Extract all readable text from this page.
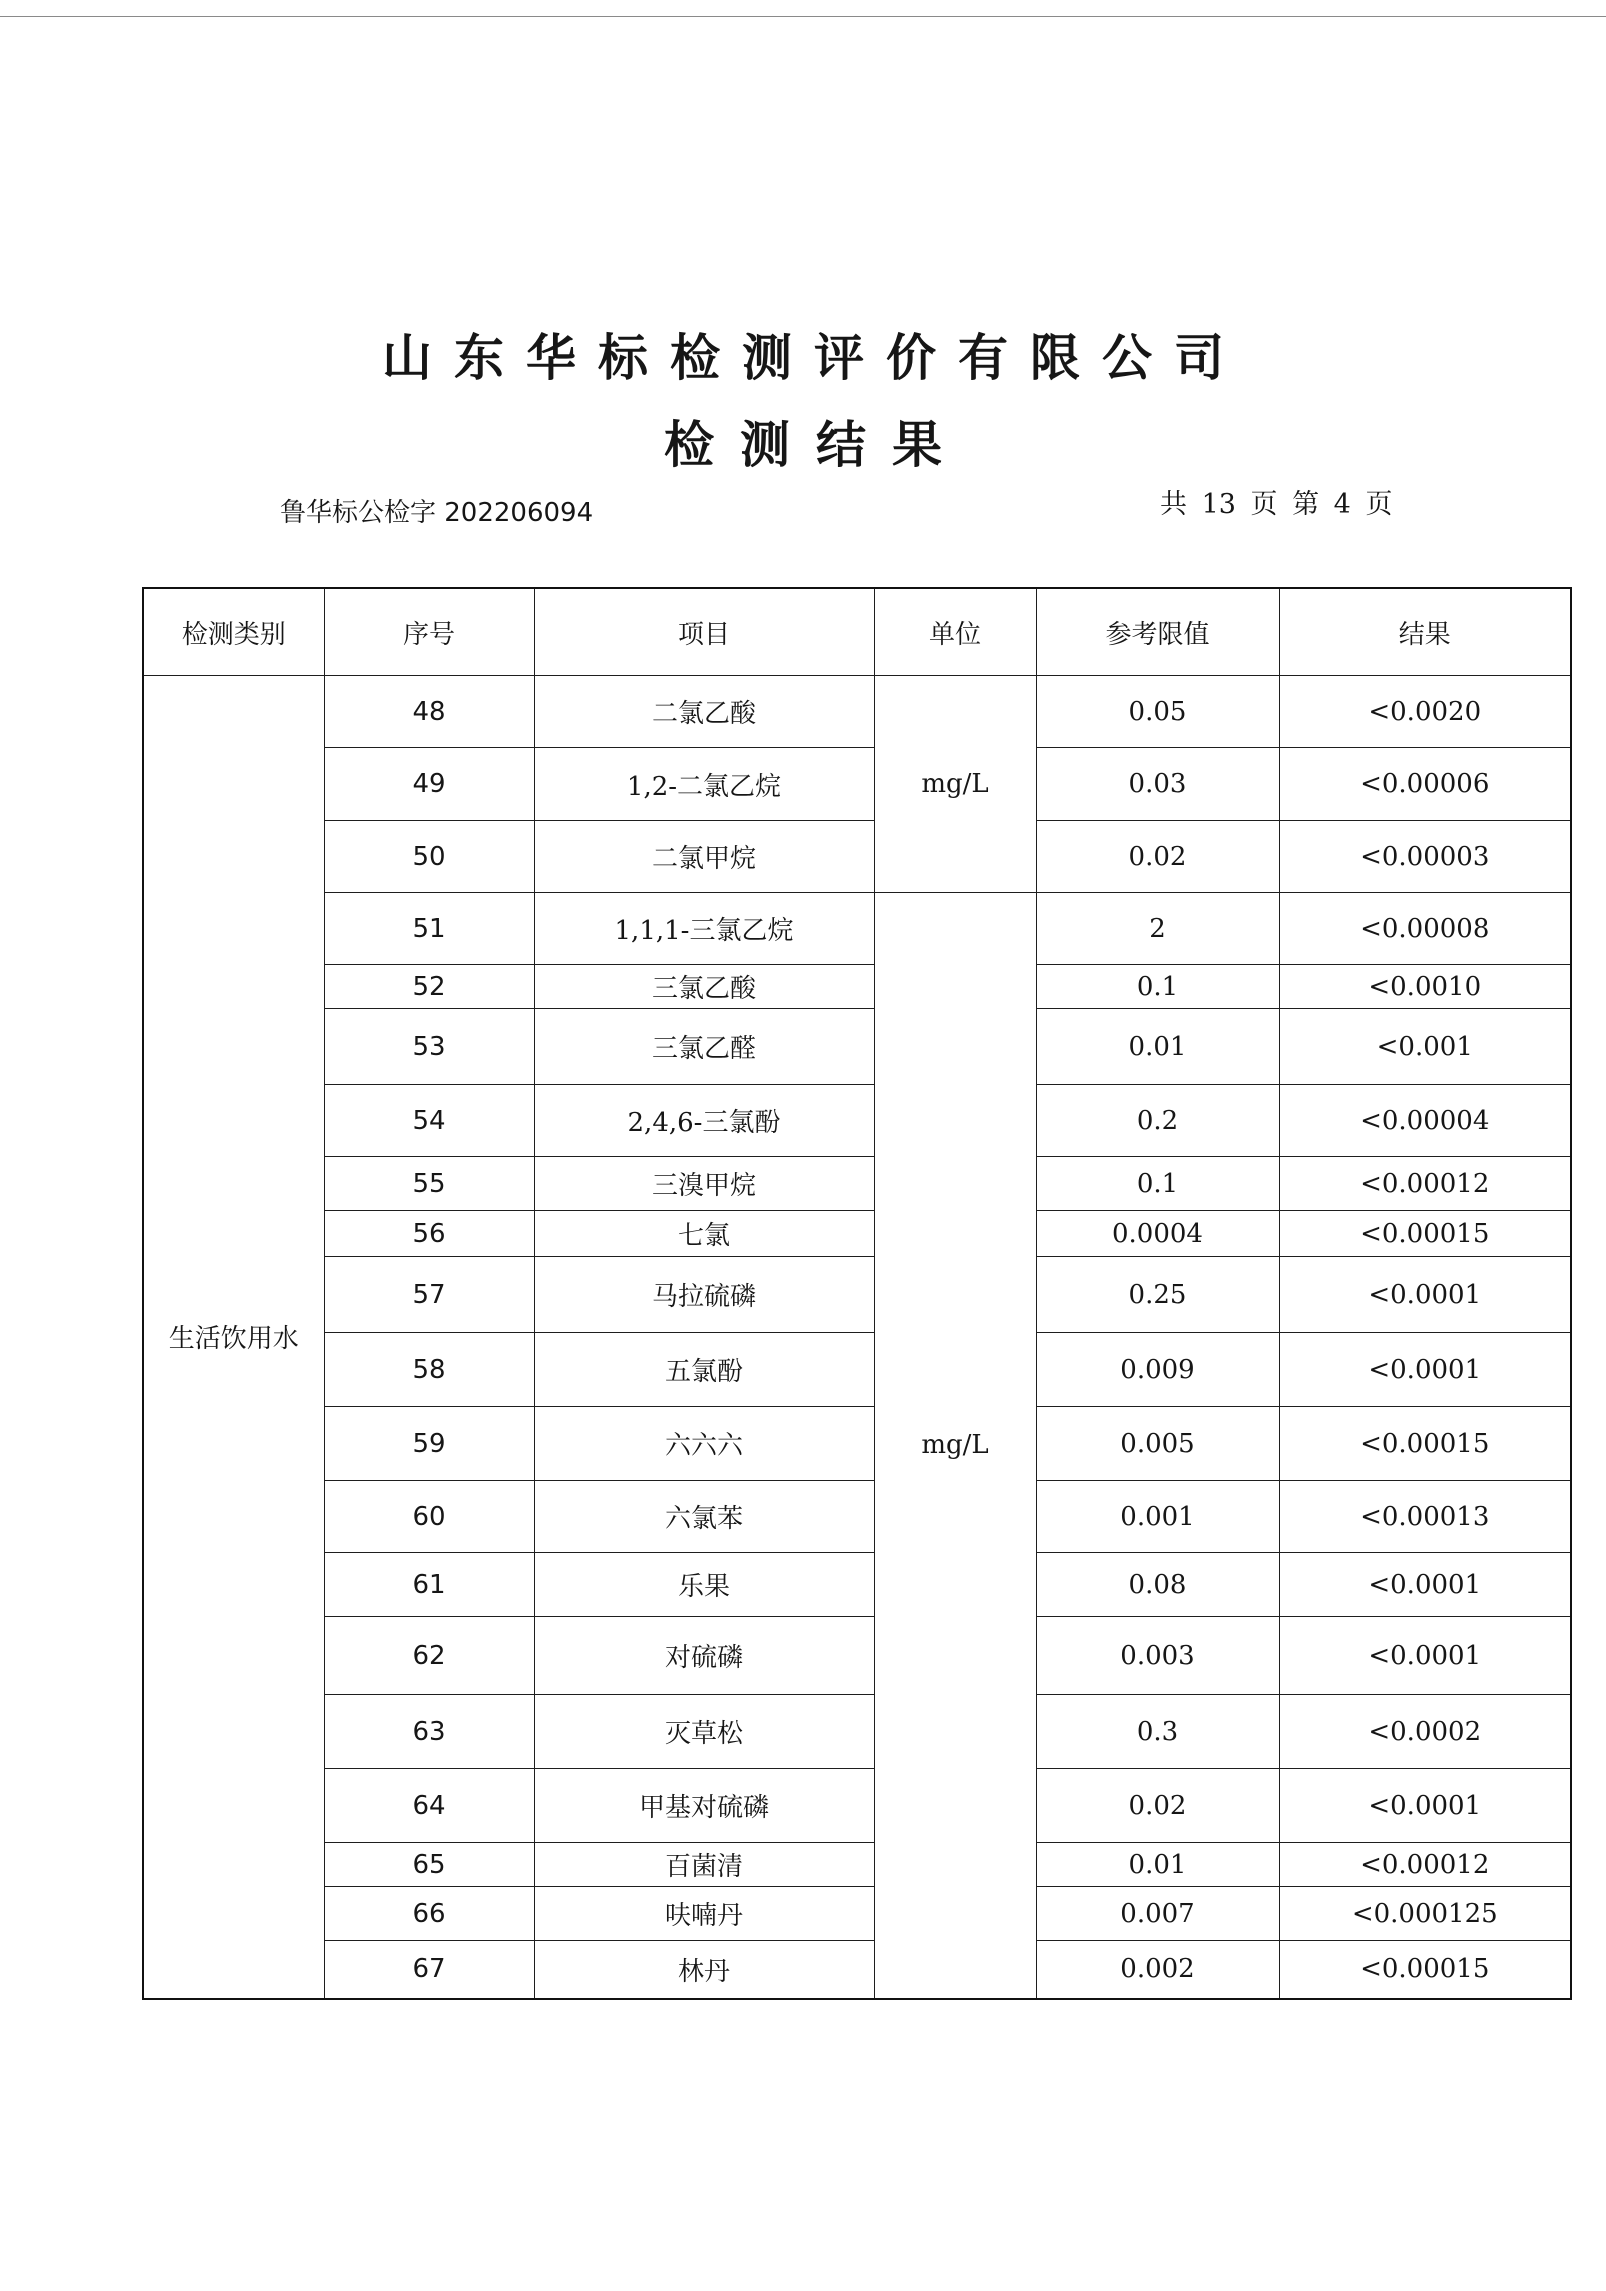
山东华标检测评价有限公司
检测结果
鲁华标公检字 202206094	共 13 页 第 4 页
检测类别	序号	项目	单位	参考限值	结果
生活饮用水	48	二氯乙酸	mg/L	0.05	<0.0020
	49	1,2-二氯乙烷		0.03	<0.00006
	50	二氯甲烷		0.02	<0.00003
	51	1,1,1-三氯乙烷	mg/L	2	<0.00008
	52	三氯乙酸		0.1	<0.0010
	53	三氯乙醛		0.01	<0.001
	54	2,4,6-三氯酚		0.2	<0.00004
	55	三溴甲烷		0.1	<0.00012
	56	七氯		0.0004	<0.00015
	57	马拉硫磷		0.25	<0.0001
	58	五氯酚		0.009	<0.0001
	59	六六六		0.005	<0.00015
	60	六氯苯		0.001	<0.00013
	61	乐果		0.08	<0.0001
	62	对硫磷		0.003	<0.0001
	63	灭草松		0.3	<0.0002
	64	甲基对硫磷		0.02	<0.0001
	65	百菌清		0.01	<0.00012
	66	呋喃丹		0.007	<0.000125
	67	林丹		0.002	<0.00015
